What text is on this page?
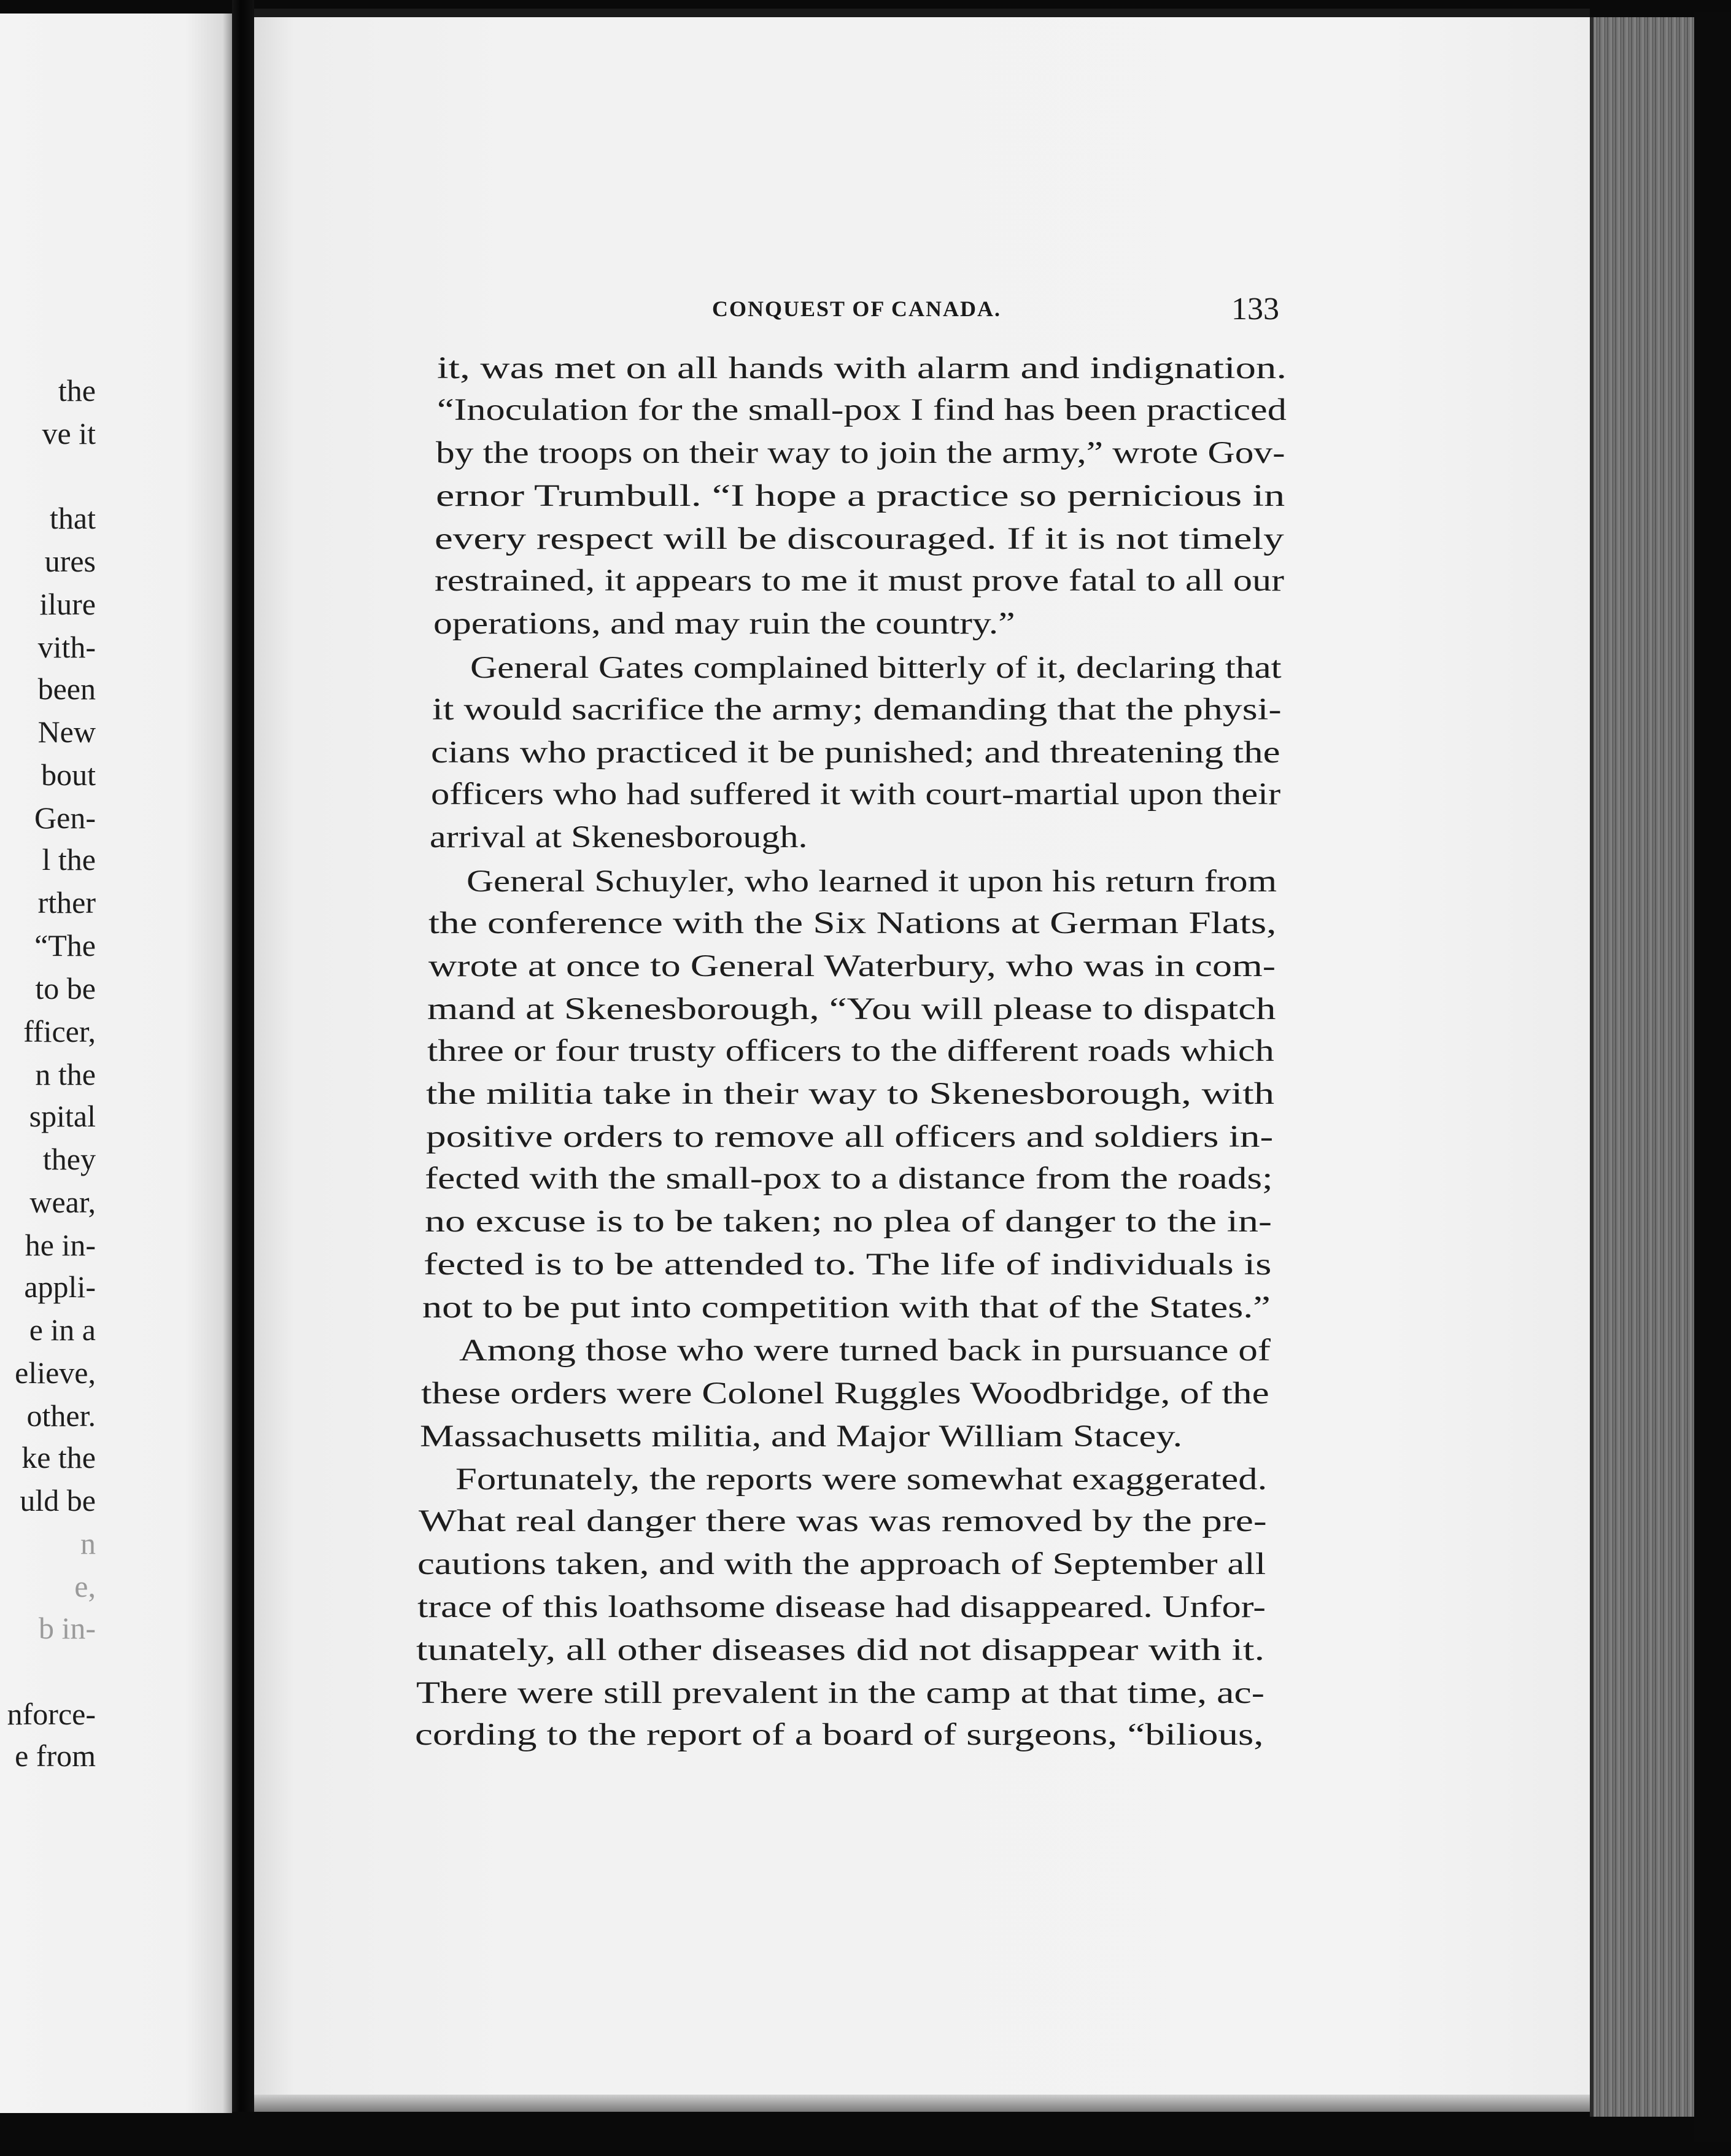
the
ve it
that
ures
ilure
vith-
been
New
bout
Gen-
l the
rther
“The
to be
fficer,
n the
spital
they
wear,
he in-
appli-
e in a
elieve,
other.
ke the
uld be
n
e,
b in-
nforce-
e from
CONQUEST OF CANADA.	133
it, was met on all hands with alarm and indignation.
“Inoculation for the small-pox I find has been practiced
by the troops on their way to join the army,” wrote Gov-
ernor Trumbull. “I hope a practice so pernicious in
every respect will be discouraged. If it is not timely
restrained, it appears to me it must prove fatal to all our
operations, and may ruin the country.”
General Gates complained bitterly of it, declaring that
it would sacrifice the army; demanding that the physi-
cians who practiced it be punished; and threatening the
officers who had suffered it with court-martial upon their
arrival at Skenesborough.
General Schuyler, who learned it upon his return from
the conference with the Six Nations at German Flats,
wrote at once to General Waterbury, who was in com-
mand at Skenesborough, “You will please to dispatch
three or four trusty officers to the different roads which
the militia take in their way to Skenesborough, with
positive orders to remove all officers and soldiers in-
fected with the small-pox to a distance from the roads;
no excuse is to be taken; no plea of danger to the in-
fected is to be attended to. The life of individuals is
not to be put into competition with that of the States.”
Among those who were turned back in pursuance of
these orders were Colonel Ruggles Woodbridge, of the
Massachusetts militia, and Major William Stacey.
Fortunately, the reports were somewhat exaggerated.
What real danger there was was removed by the pre-
cautions taken, and with the approach of September all
trace of this loathsome disease had disappeared. Unfor-
tunately, all other diseases did not disappear with it.
There were still prevalent in the camp at that time, ac-
cording to the report of a board of surgeons, “bilious,
